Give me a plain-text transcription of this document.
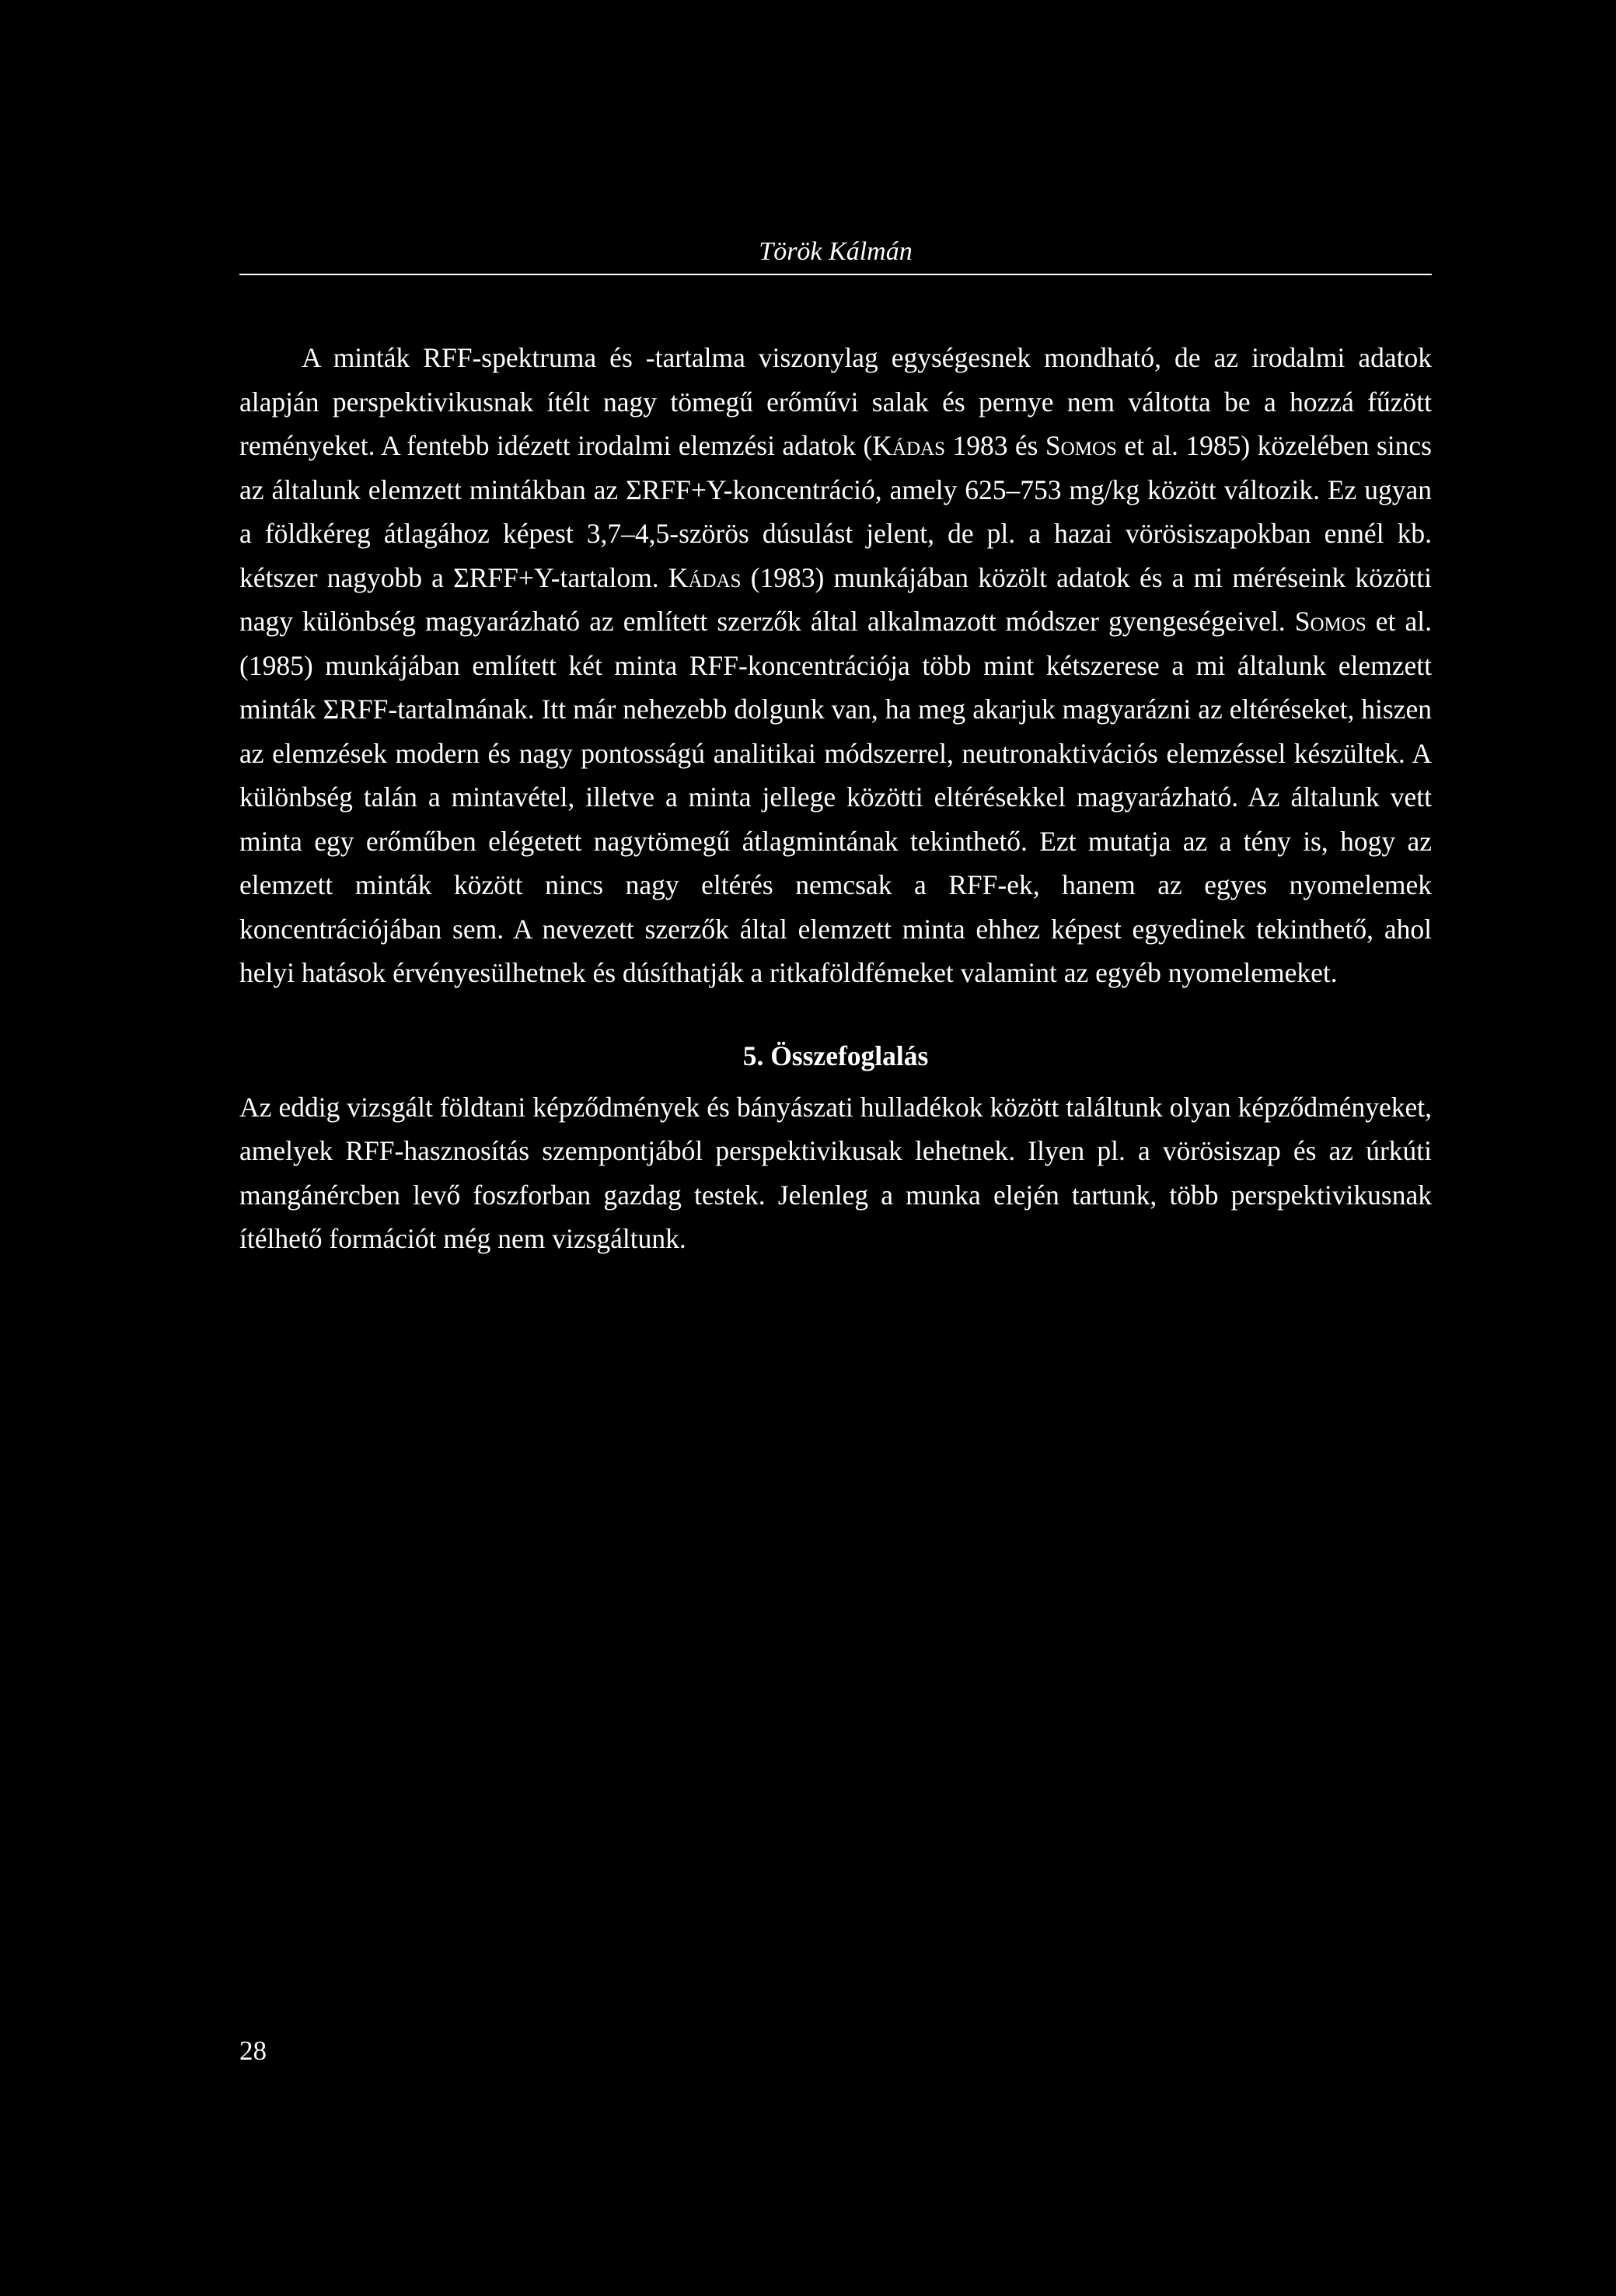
Török Kálmán

A minták RFF-spektruma és -tartalma viszonylag egységesnek mondható, de az irodalmi adatok alapján perspektivikusnak ítélt nagy tömegű erőművi salak és pernye nem váltotta be a hozzá fűzött reményeket. A fentebb idézett irodalmi elemzési adatok (Kádas 1983 és Somos et al. 1985) közelében sincs az általunk elemzett mintákban az ΣRFF+Y-koncentráció, amely 625–753 mg/kg között változik. Ez ugyan a földkéreg átlagához képest 3,7–4,5-szörös dúsulást jelent, de pl. a hazai vörösiszapokban ennél kb. kétszer nagyobb a ΣRFF+Y-tartalom. Kádas (1983) munkájában közölt adatok és a mi méréseink közötti nagy különbség magyarázható az említett szerzők által alkalmazott módszer gyengeségeivel. Somos et al. (1985) munkájában említett két minta RFF-koncentrációja több mint kétszerese a mi általunk elemzett minták ΣRFF-tartalmának. Itt már nehezebb dolgunk van, ha meg akarjuk magyarázni az eltéréseket, hiszen az elemzések modern és nagy pontosságú analitikai módszerrel, neutronaktivációs elemzéssel készültek. A különbség talán a mintavétel, illetve a minta jellege közötti eltérésekkel magyarázható. Az általunk vett minta egy erőműben elégetett nagytömegű átlagmintának tekinthető. Ezt mutatja az a tény is, hogy az elemzett minták között nincs nagy eltérés nemcsak a RFF-ek, hanem az egyes nyomelemek koncentrációjában sem. A nevezett szerzők által elemzett minta ehhez képest egyedinek tekinthető, ahol helyi hatások érvényesülhetnek és dúsíthatják a ritkaföldfémeket valamint az egyéb nyomelemeket.

5. Összefoglalás

Az eddig vizsgált földtani képződmények és bányászati hulladékok között találtunk olyan képződményeket, amelyek RFF-hasznosítás szempontjából perspektivikusak lehetnek. Ilyen pl. a vörösiszap és az úrkúti mangánércben levő foszforban gazdag testek. Jelenleg a munka elején tartunk, több perspektivikusnak ítélhető formációt még nem vizsgáltunk.

28
